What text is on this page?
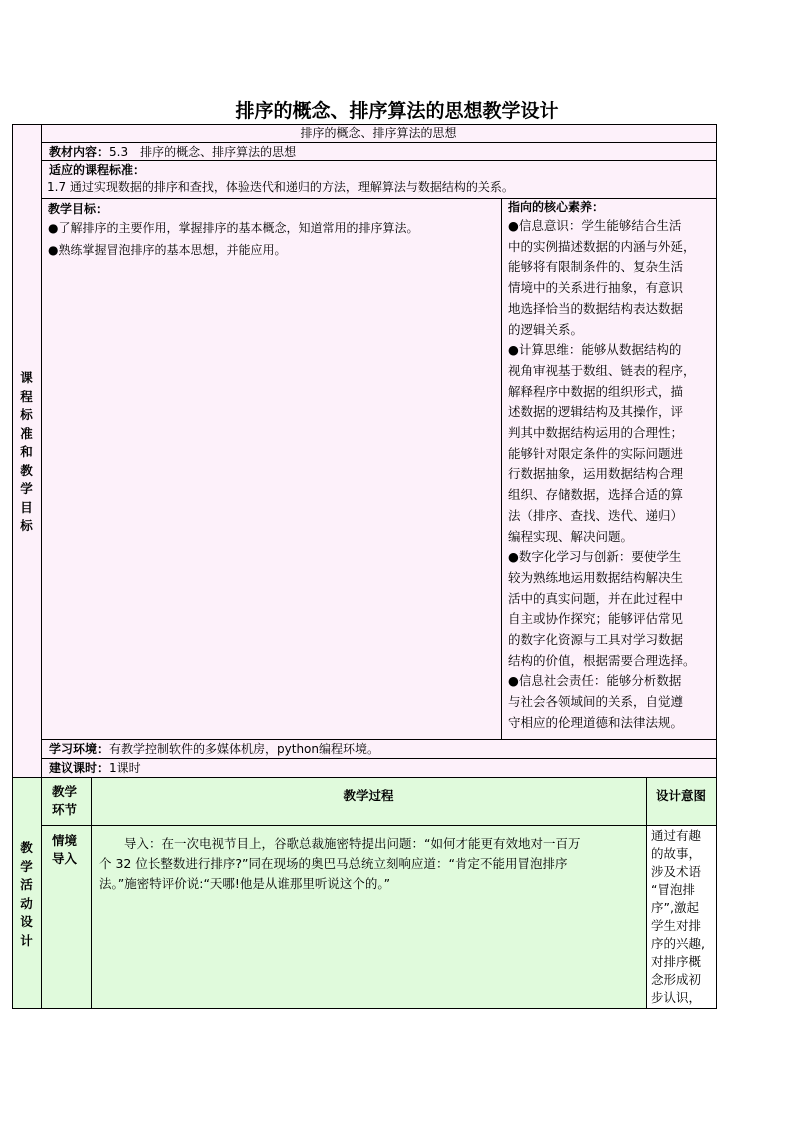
排序的概念、排序算法的思想教学设计
课
程
标
准
和
教
学
目
标
排序的概念、排序算法的思想
教材内容：5.3　排序的概念、排序算法的思想
适应的课程标准：
1.7 通过实现数据的排序和查找，体验迭代和递归的方法，理解算法与数据结构的关系。
教学目标：
●了解排序的主要作用，掌握排序的基本概念，知道常用的排序算法。
●熟练掌握冒泡排序的基本思想，并能应用。
指向的核心素养：
●信息意识：学生能够结合生活
中的实例描述数据的内涵与外延，
能够将有限制条件的、复杂生活
情境中的关系进行抽象，有意识
地选择恰当的数据结构表达数据
的逻辑关系。
●计算思维：能够从数据结构的
视角审视基于数组、链表的程序，
解释程序中数据的组织形式，描
述数据的逻辑结构及其操作，评
判其中数据结构运用的合理性；
能够针对限定条件的实际问题进
行数据抽象，运用数据结构合理
组织、存储数据，选择合适的算
法（排序、查找、迭代、递归）
编程实现、解决问题。
●数字化学习与创新：要使学生
较为熟练地运用数据结构解决生
活中的真实问题，并在此过程中
自主或协作探究；能够评估常见
的数字化资源与工具对学习数据
结构的价值，根据需要合理选择。
●信息社会责任：能够分析数据
与社会各领域间的关系，自觉遵
守相应的伦理道德和法律法规。
学习环境：有教学控制软件的多媒体机房，python编程环境。
建议课时：1课时
教
学
活
动
设
计
教学
环节
教学过程	设计意图
情境
导入
　　导入：在一次电视节目上，谷歌总裁施密特提出问题：“如何才能更有效地对一百万
个 32 位长整数进行排序?”同在现场的奥巴马总统立刻响应道：“肯定不能用冒泡排序
法。”施密特评价说:“天哪!他是从谁那里听说这个的。”
通过有趣
的故事，
涉及术语
“冒泡排
序”,激起
学生对排
序的兴趣,
对排序概
念形成初
步认识，
